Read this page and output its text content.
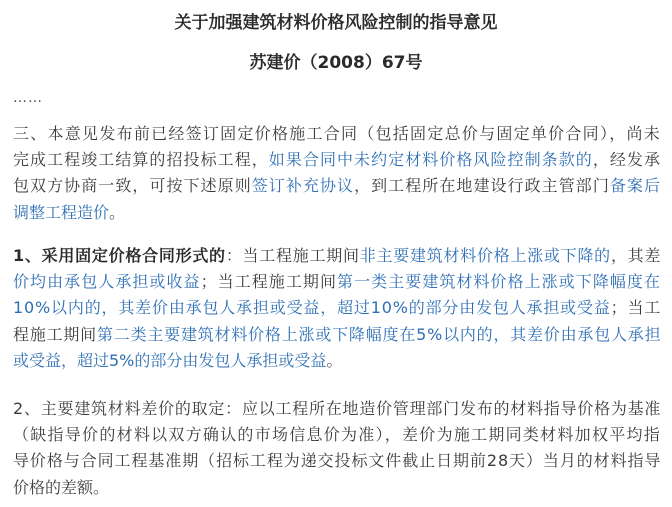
关于加强建筑材料价格风险控制的指导意见
苏建价（2008）67号
……
三、本意见发布前已经签订固定价格施工合同（包括固定总价与固定单价合同），尚未
完成工程竣工结算的招投标工程，如果合同中未约定材料价格风险控制条款的，经发承
包双方协商一致，可按下述原则签订补充协议，到工程所在地建设行政主管部门备案后
调整工程造价。
1、采用固定价格合同形式的：当工程施工期间非主要建筑材料价格上涨或下降的，其差
价均由承包人承担或收益；当工程施工期间第一类主要建筑材料价格上涨或下降幅度在
10%以内的，其差价由承包人承担或受益，超过10%的部分由发包人承担或受益；当工
程施工期间第二类主要建筑材料价格上涨或下降幅度在5%以内的，其差价由承包人承担
或受益，超过5%的部分由发包人承担或受益。
2、主要建筑材料差价的取定：应以工程所在地造价管理部门发布的材料指导价格为基准
（缺指导价的材料以双方确认的市场信息价为准），差价为施工期同类材料加权平均指
导价格与合同工程基准期（招标工程为递交投标文件截止日期前28天）当月的材料指导
价格的差额。
